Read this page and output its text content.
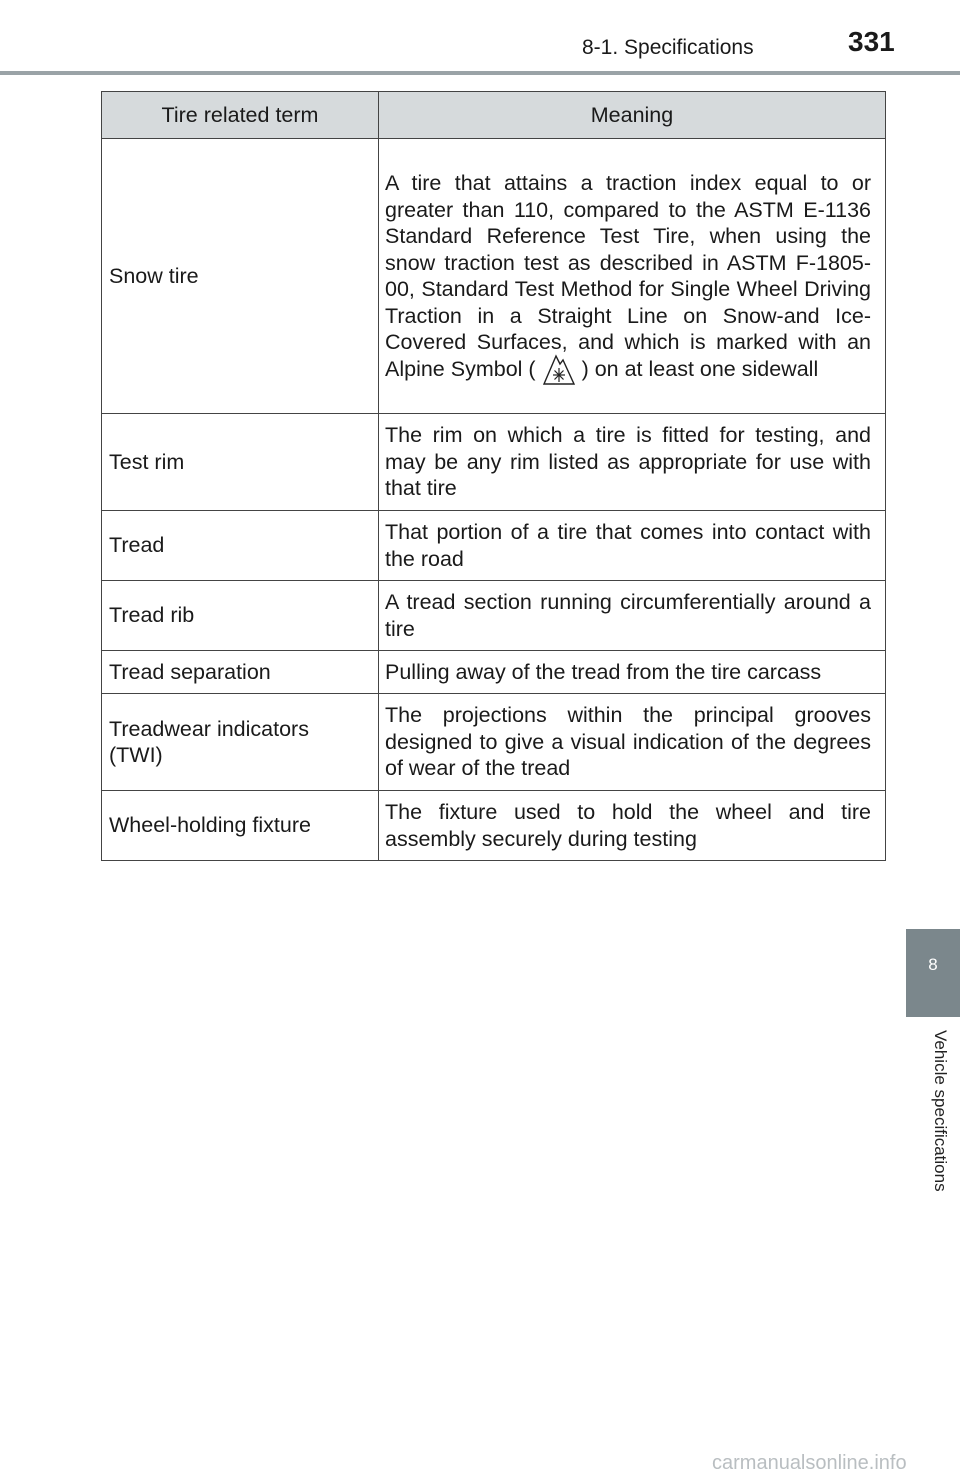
8-1. Specifications	331
8
Vehicle specifications
Tire related term	Meaning
Snow tire	A tire that attains a traction index equal to or greater than 110, compared to the ASTM E-1136 Standard Reference Test Tire, when using the snow traction test as described in ASTM F-1805-00, Standard Test Method for Single Wheel Driving Traction in a Straight Line on Snow-and Ice-Covered Surfaces, and which is marked with an Alpine Symbol ( ) on at least one sidewall
Test rim	The rim on which a tire is fitted for testing, and may be any rim listed as appropriate for use with that tire
Tread	That portion of a tire that comes into contact with the road
Tread rib	A tread section running circumferentially around a tire
Tread separation	Pulling away of the tread from the tire carcass
Treadwear indicators (TWI)	The projections within the principal grooves designed to give a visual indication of the degrees of wear of the tread
Wheel-holding fixture	The fixture used to hold the wheel and tire assembly securely during testing
carmanualsonline.info
